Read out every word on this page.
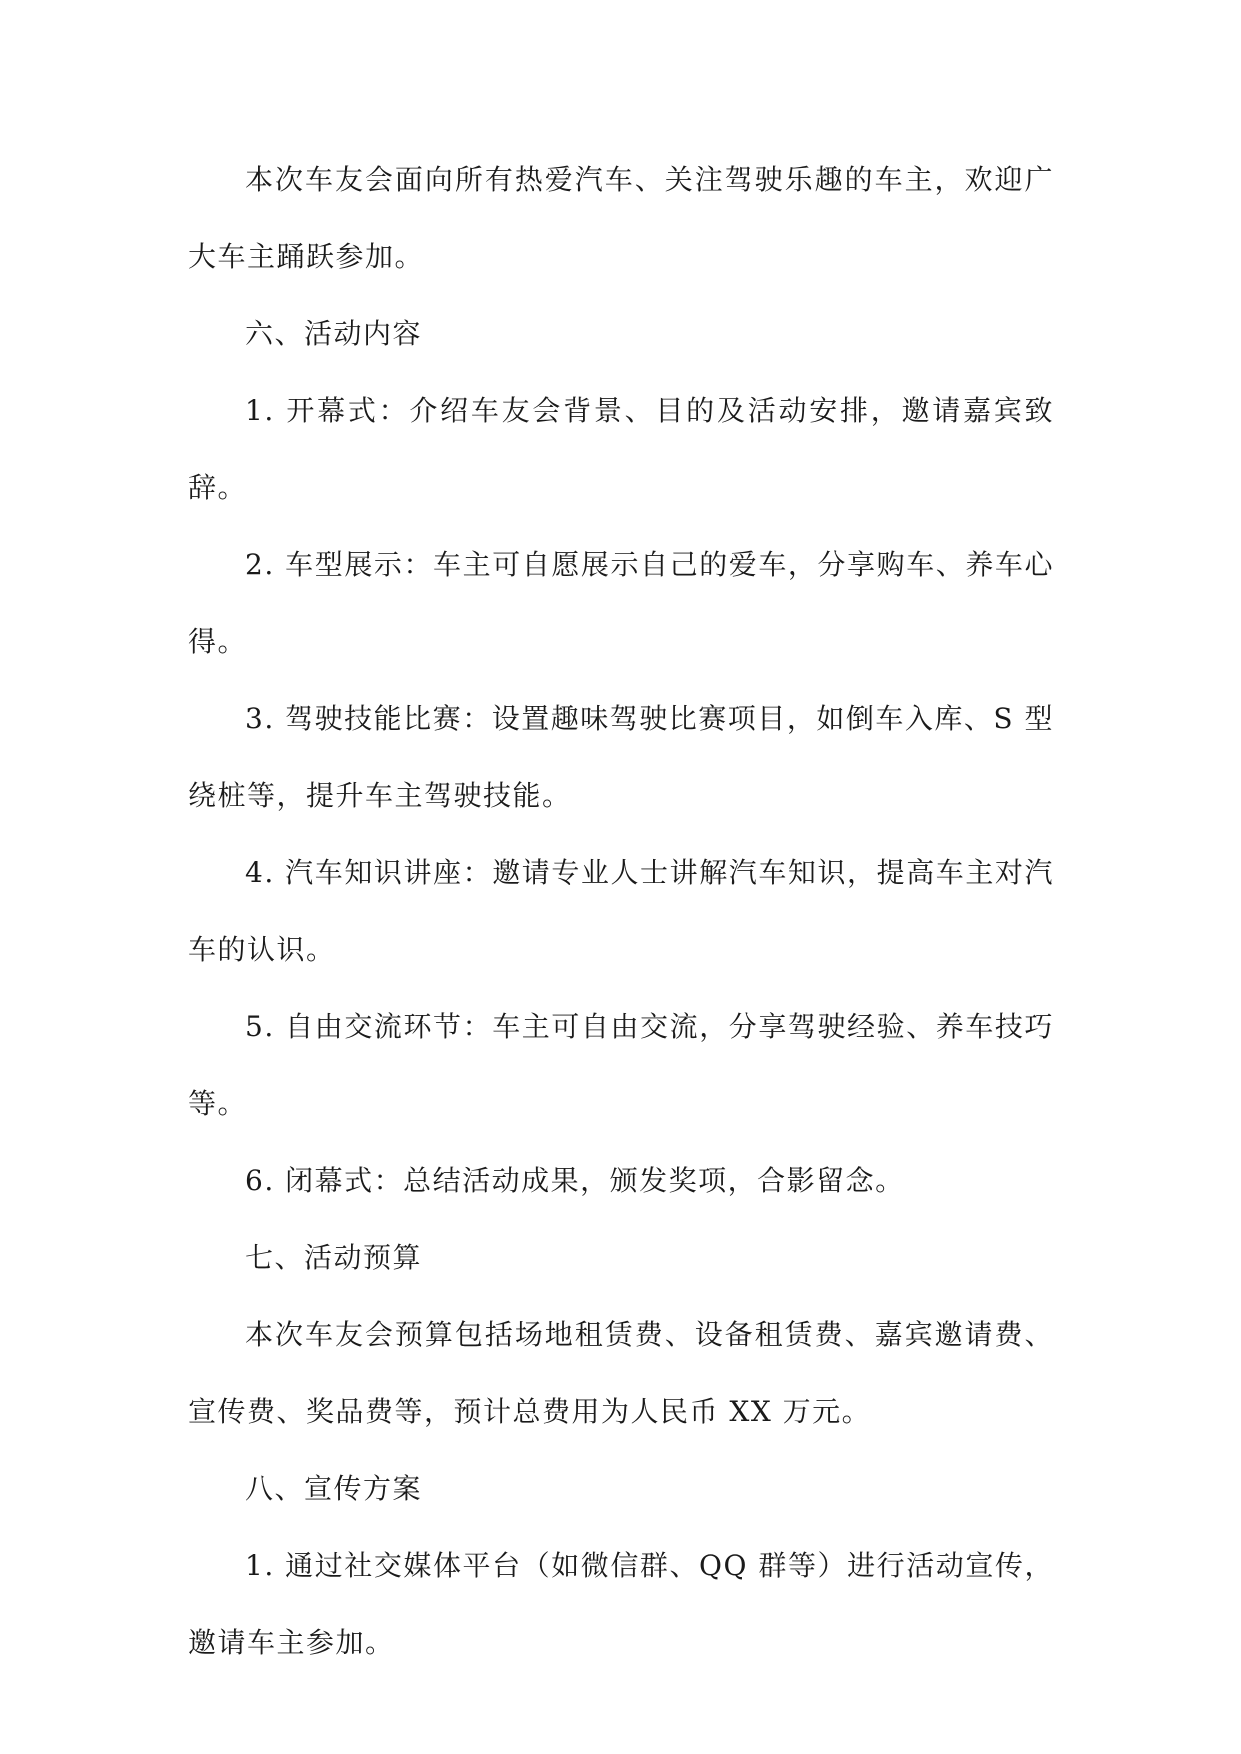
本次车友会面向所有热爱汽车、关注驾驶乐趣的车主，欢迎广大车主踊跃参加。

六、活动内容

1. 开幕式：介绍车友会背景、目的及活动安排，邀请嘉宾致辞。

2. 车型展示：车主可自愿展示自己的爱车，分享购车、养车心得。

3. 驾驶技能比赛：设置趣味驾驶比赛项目，如倒车入库、S 型绕桩等，提升车主驾驶技能。

4. 汽车知识讲座：邀请专业人士讲解汽车知识，提高车主对汽车的认识。

5. 自由交流环节：车主可自由交流，分享驾驶经验、养车技巧等。

6. 闭幕式：总结活动成果，颁发奖项，合影留念。

七、活动预算

本次车友会预算包括场地租赁费、设备租赁费、嘉宾邀请费、宣传费、奖品费等，预计总费用为人民币 XX 万元。

八、宣传方案

1. 通过社交媒体平台（如微信群、QQ 群等）进行活动宣传，邀请车主参加。
